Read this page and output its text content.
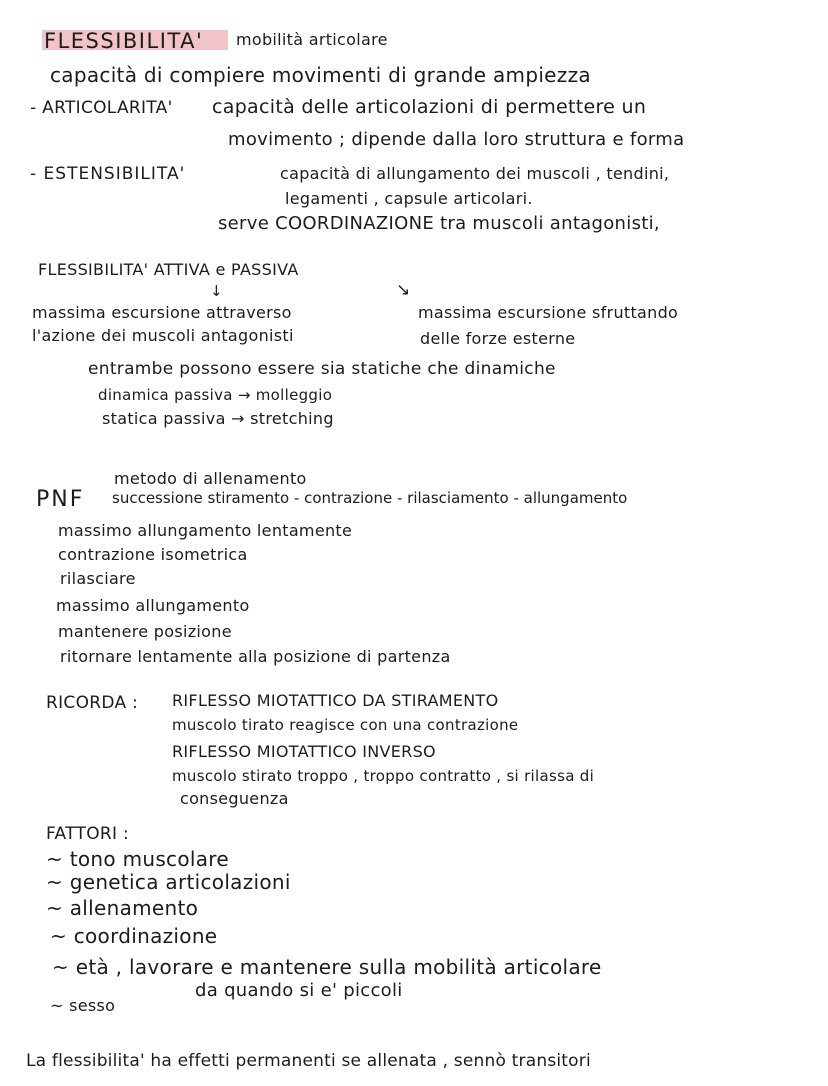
FLESSIBILITA' mobilità articolare
capacità di compiere movimenti di grande ampiezza
- ARTICOLARITA' capacità delle articolazioni di permettere un
movimento ; dipende dalla loro struttura e forma
- ESTENSIBILITA'	capacità di allungamento dei muscoli , tendini,
legamenti , capsule articolari.
serve COORDINAZIONE tra muscoli antagonisti,
FLESSIBILITA' ATTIVA e PASSIVA
↓	↘
massima escursione attraverso
l'azione dei muscoli antagonisti
massima escursione sfruttando
delle forze esterne
entrambe possono essere sia statiche che dinamiche
dinamica passiva → molleggio
statica passiva → stretching
metodo di allenamento
PNF successione stiramento - contrazione - rilasciamento - allungamento
massimo allungamento lentamente
contrazione isometrica
rilasciare
massimo allungamento
mantenere posizione
ritornare lentamente alla posizione di partenza
RICORDA : RIFLESSO MIOTATTICO DA STIRAMENTO
muscolo tirato reagisce con una contrazione
RIFLESSO MIOTATTICO INVERSO
muscolo stirato troppo , troppo contratto , si rilassa di
conseguenza
FATTORI :
~ tono muscolare
~ genetica articolazioni
~ allenamento
~ coordinazione
~ età , lavorare e mantenere sulla mobilità articolare
da quando si e' piccoli
~ sesso
La flessibilita' ha effetti permanenti se allenata , sennò transitori
